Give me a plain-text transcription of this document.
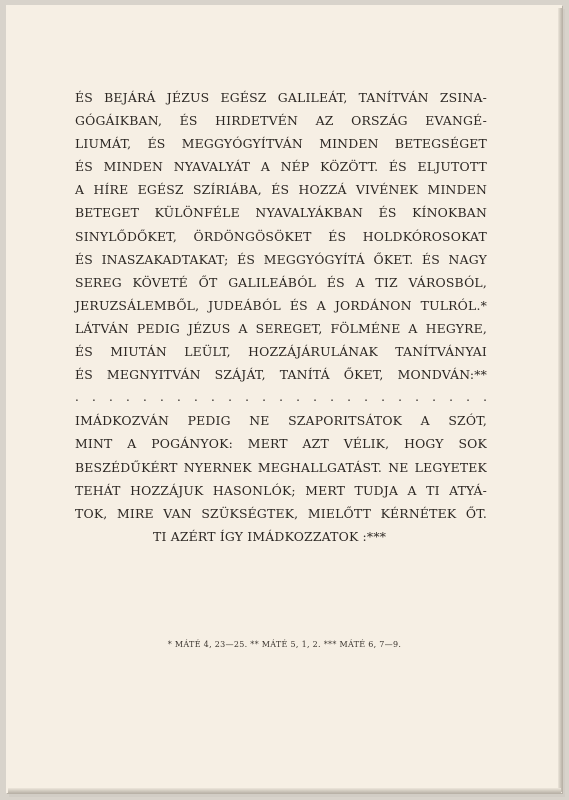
ÉS BEJÁRÁ JÉZUS EGÉSZ GALILEÁT, TANÍTVÁN ZSINA-
GÓGÁIKBAN, ÉS HIRDETVÉN AZ ORSZÁG EVANGÉ-
LIUMÁT, ÉS MEGGYÓGYÍTVÁN MINDEN BETEGSÉGET
ÉS MINDEN NYAVALYÁT A NÉP KÖZÖTT. ÉS ELJUTOTT
A HÍRE EGÉSZ SZÍRIÁBA, ÉS HOZZÁ VIVÉNEK MINDEN
BETEGET KÜLÖNFÉLE NYAVALYÁKBAN ÉS KÍNOKBAN
SINYLŐDŐKET, ÖRDÖNGÖSÖKET ÉS HOLDKÓROSOKAT
ÉS INASZAKADTAKAT; ÉS MEGGYÓGYÍTÁ ŐKET. ÉS NAGY
SEREG KÖVETÉ ŐT GALILEÁBÓL ÉS A TIZ VÁROSBÓL,
JERUZSÁLEMBŐL, JUDEÁBÓL ÉS A JORDÁNON TULRÓL.*
LÁTVÁN PEDIG JÉZUS A SEREGET, FÖLMÉNE A HEGYRE,
ÉS MIUTÁN LEÜLT, HOZZÁJÁRULÁNAK TANÍTVÁNYAI
ÉS MEGNYITVÁN SZÁJÁT, TANÍTÁ ŐKET, MONDVÁN:**
. . . . . . . . . . . . . . . . . . . . . . . . .
IMÁDKOZVÁN PEDIG NE SZAPORITSÁTOK A SZÓT,
MINT A POGÁNYOK: MERT AZT VÉLIK, HOGY SOK
BESZÉDŰKÉRT NYERNEK MEGHALLGATÁST. NE LEGYETEK
TEHÁT HOZZÁJUK HASONLÓK; MERT TUDJA A TI ATYÁ-
TOK, MIRE VAN SZÜKSÉGTEK, MIELŐTT KÉRNÉTEK ŐT.
TI AZÉRT ÍGY IMÁDKOZZATOK :***
* MÁTÉ 4, 23—25. ** MÁTÉ 5, 1, 2. *** MÁTÉ 6, 7—9.
